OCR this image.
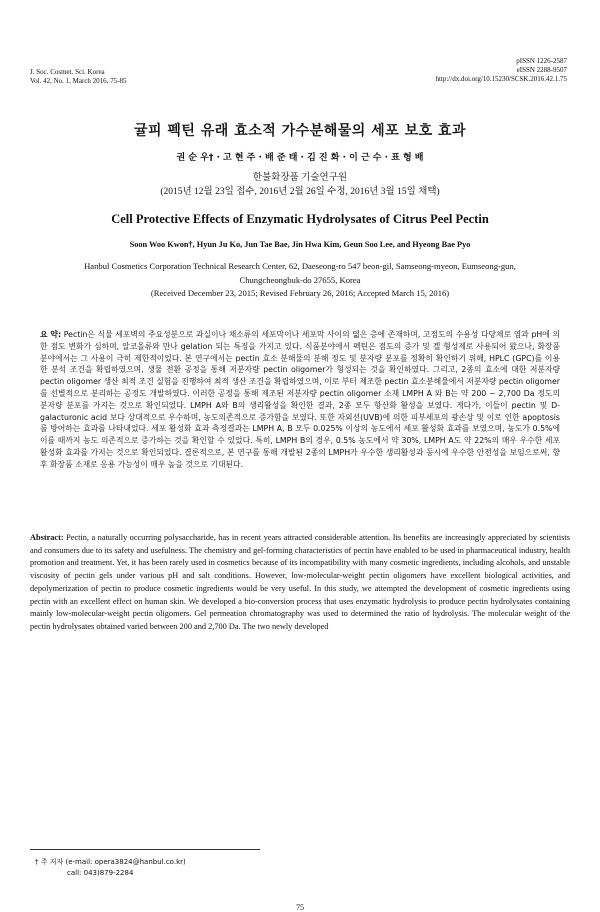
J. Soc. Cosmet. Sci. Korea
Vol. 42, No. 1, March 2016, 75-85
pISSN 1226-2587
eISSN 2288-9507
http://dx.doi.org/10.15230/SCSK.2016.42.1.75
귤피 펙틴 유래 효소적 가수분해물의 세포 보호 효과
권 순 우† · 고 현 주 · 배 준 태 · 김 진 화 · 이 근 수 · 표 형 배
한불화장품 기술연구원
(2015년 12월 23일 접수, 2016년 2월 26일 수정, 2016년 3월 15일 채택)
Cell Protective Effects of Enzymatic Hydrolysates of Citrus Peel Pectin
Soon Woo Kwon†, Hyun Ju Ko, Jun Tae Bae, Jin Hwa Kim, Geun Soo Lee, and Hyeong Bae Pyo
Hanbul Cosmetics Corporation Technical Research Center, 62, Daeseong-ro 547 beon-gil, Samseong-myeon, Eumseong-gun,
Chungcheongbuk-do 27655, Korea
(Received December 23, 2015; Revised February 26, 2016; Accepted March 15, 2016)
요 약: Pectin은 식물 세포벽의 주요성분으로 과실이나 채소류의 세포막이나 세포막 사이의 엷은 층에 존재하며, 고점도의 수용성 다당체로 염과 pH에 의한 점도 변화가 심하며, 알코올류와 만나 gelation 되는 특징을 가지고 있다. 식품분야에서 펙틴은 점도의 증가 및 겔 형성제로 사용되어 왔으나, 화장품 분야에서는 그 사용이 극히 제한적이었다. 본 연구에서는 pectin 효소 분해물의 분해 정도 및 분자량 분포를 정확히 확인하기 위해, HPLC (GPC)를 이용한 분석 조건을 확립하였으며, 생물 전환 공정을 통해 저분자량 pectin oligomer가 형성되는 것을 확인하였다. 그리고, 2종의 효소에 대한 저분자량 pectin oligomer 생산 최적 조건 실험을 진행하여 최적 생산 조건을 확립하였으며, 이로 부터 제조한 pectin 효소분해물에서 저분자량 pectin oligomer를 선별적으로 분리하는 공정도 개발하였다. 이러한 공정을 통해 제조된 저분자량 pectin oligomer 소재 LMPH A 와 B는 약 200 ~ 2,700 Da 정도의 분자량 분포를 가지는 것으로 확인되었다. LMPH A와 B의 생리활성을 확인한 결과, 2종 모두 항산화 활성을 보였다. 게다가, 이들이 pectin 및 D-galacturonic acid 보다 상대적으로 우수하며, 농도의존적으로 증가함을 보였다. 또한 자외선(UVB)에 의한 피부세포의 광손상 및 이로 인한 apoptosis를 방어하는 효과를 나타내었다. 세포 활성화 효과 측정결과는 LMPH A, B 모두 0.025% 이상의 농도에서 세포 활성화 효과를 보였으며, 농도가 0.5%에 이를 때까지 농도 의존적으로 증가하는 것을 확인할 수 있었다. 특히, LMPH B의 경우, 0.5% 농도에서 약 30%, LMPH A도 약 22%의 매우 우수한 세포 활성화 효과를 가지는 것으로 확인되었다. 결론적으로, 본 연구를 통해 개발된 2종의 LMPH가 우수한 생리활성과 동시에 우수한 안전성을 보임으로써, 향후 화장품 소재로 응용 가능성이 매우 높을 것으로 기대된다.
Abstract: Pectin, a naturally occurring polysaccharide, has in recent years attracted considerable attention. Its benefits are increasingly appreciated by scientists and consumers due to its safety and usefulness. The chemistry and gel-forming characteristics of pectin have enabled to be used in pharmaceutical industry, health promotion and treatment. Yet, it has been rarely used in cosmetics because of its incompatibility with many cosmetic ingredients, including alcohols, and unstable viscosity of pectin gels under various pH and salt conditions. However, low-molecular-weight pectin oligomers have excellent biological activities, and depolymerization of pectin to produce cosmetic ingredients would be very useful. In this study, we attempted the development of cosmetic ingredients using pectin with an excellent effect on human skin. We developed a bio-conversion process that uses enzymatic hydrolysis to produce pectin hydrolysates containing mainly low-molecular-weight pectin oligomers. Gel permeation chromatography was used to determined the ratio of hydrolysis. The molecular weight of the pectin hydrolysates obtained varied between 200 and 2,700 Da. The two newly developed
† 주 저자 (e-mail: opera3824@hanbul.co.kr)
call: 043)879-2284
75
